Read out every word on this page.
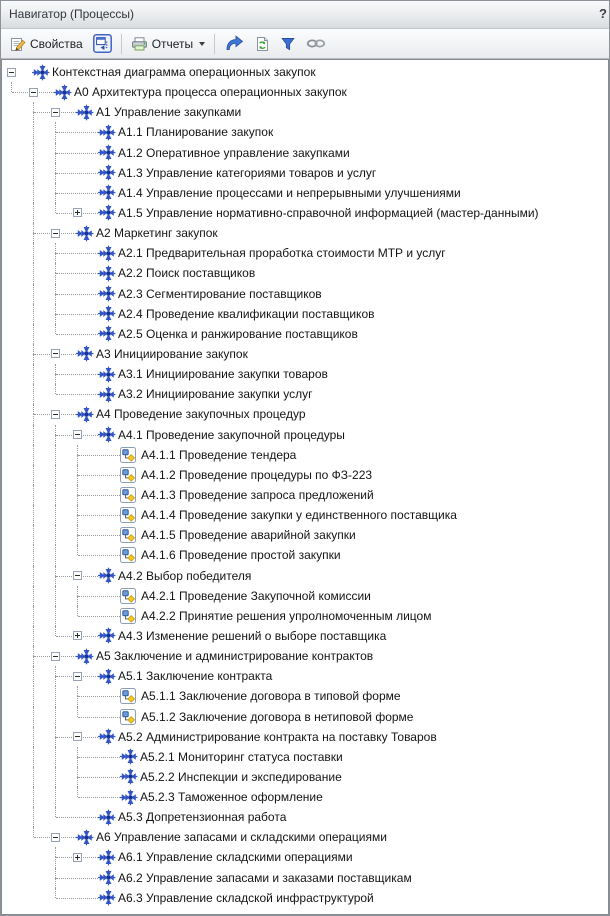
Навигатор (Процессы)	?
Свойства	Отчеты
Контекстная диаграмма операционных закупок
A0 Архитектура процесса операционных закупок
A1 Управление закупками
A1.1 Планирование закупок
A1.2 Оперативное управление закупками
A1.3 Управление категориями товаров и услуг
A1.4 Управление процессами и непрерывными улучшениями
A1.5 Управление нормативно-справочной информацией (мастер-данными)
A2 Маркетинг закупок
A2.1 Предварительная проработка стоимости МТР и услуг
A2.2 Поиск поставщиков
A2.3 Сегментирование поставщиков
A2.4 Проведение квалификации поставщиков
A2.5 Оценка и ранжирование поставщиков
A3 Инициирование закупок
A3.1 Инициирование закупки товаров
A3.2 Инициирование закупки услуг
A4 Проведение закупочных процедур
A4.1 Проведение закупочной процедуры
A4.1.1 Проведение тендера
A4.1.2 Проведение процедуры по ФЗ-223
A4.1.3 Проведение запроса предложений
A4.1.4 Проведение закупки у единственного поставщика
A4.1.5 Проведение аварийной закупки
A4.1.6 Проведение простой закупки
A4.2 Выбор победителя
A4.2.1 Проведение Закупочной комиссии
A4.2.2 Принятие решения упролномоченным лицом
A4.3 Изменение решений о выборе поставщика
A5 Заключение и администрирование контрактов
A5.1 Заключение контракта
A5.1.1 Заключение договора в типовой форме
A5.1.2 Заключение договора в нетиповой форме
A5.2 Администрирование контракта на поставку Товаров
A5.2.1 Мониторинг статуса поставки
A5.2.2 Инспекции и экспедирование
A5.2.3 Таможенное оформление
A5.3 Допретензионная работа
A6 Управление запасами и складскими операциями
A6.1 Управление складскими операциями
A6.2 Управление запасами и заказами поставщикам
A6.3 Управление складской инфраструктурой
